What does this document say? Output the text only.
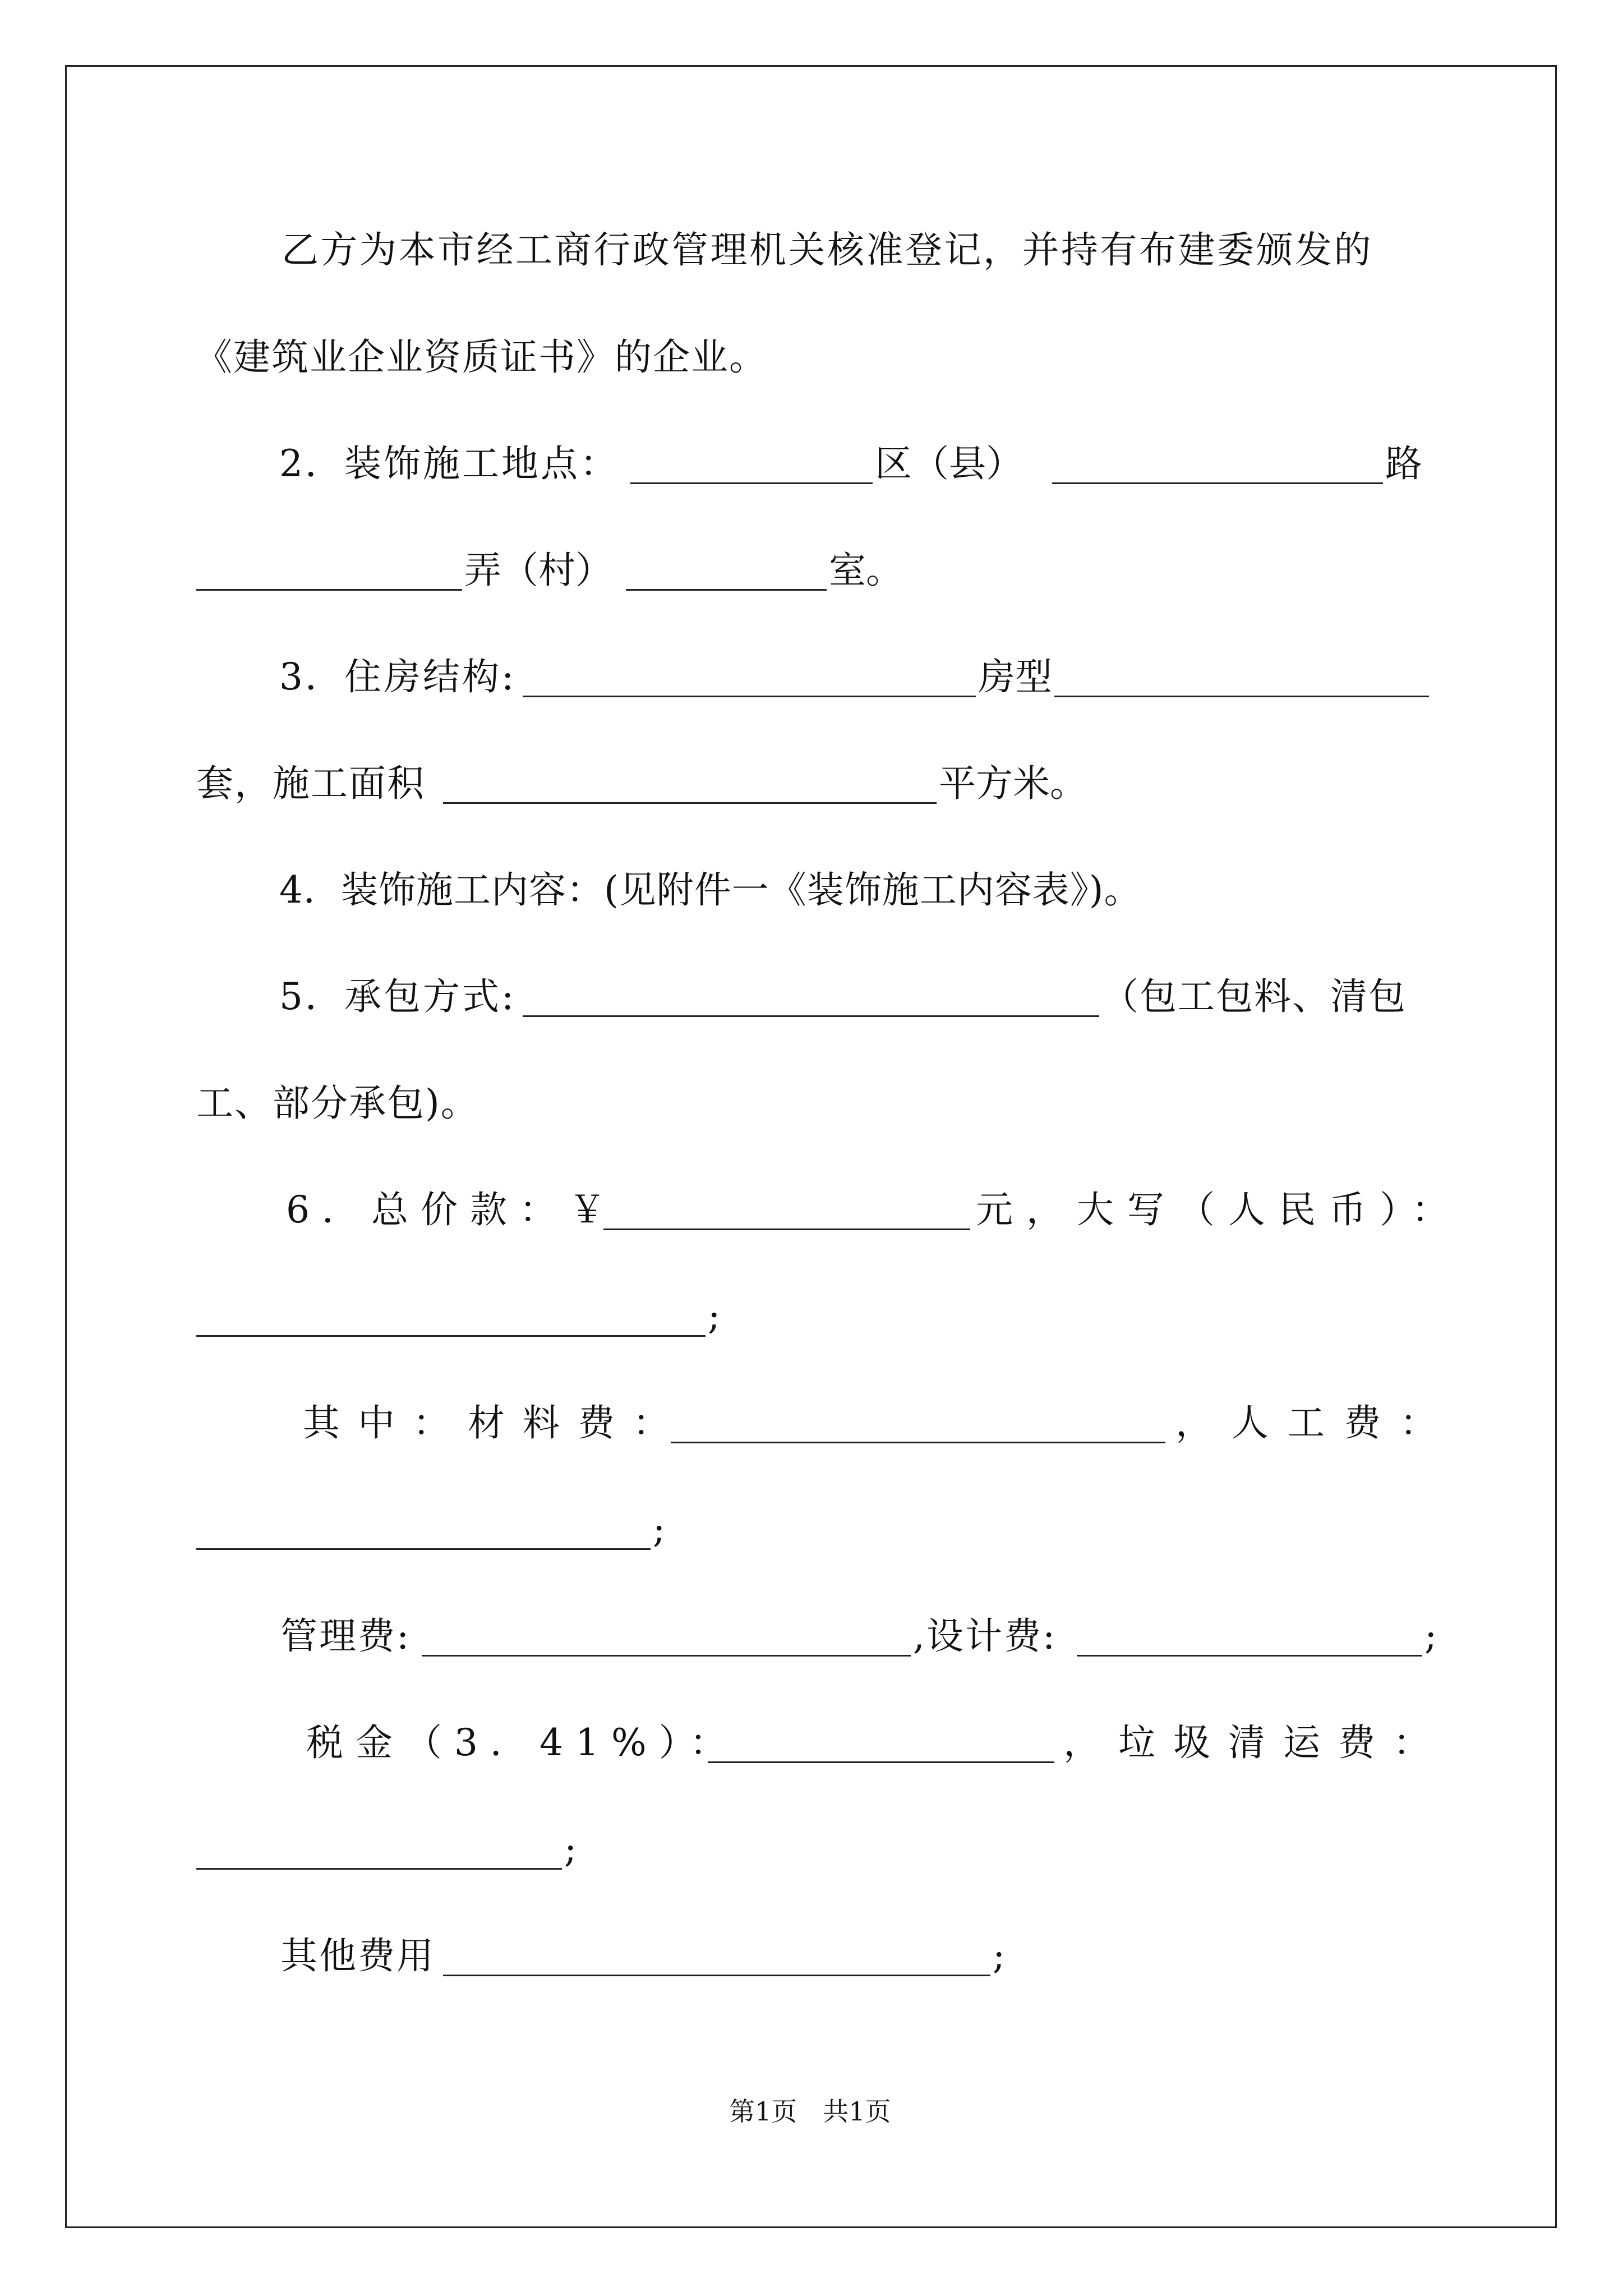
乙方为本市经工商行政管理机关核准登记，并持有布建委颁发的
《建筑业企业资质证书》的企业。
2．装饰施工地点：	区（县）	路
弄（村）	室。
3．住房结构:	房型
套，施工面积	平方米。
4．装饰施工内容：(见附件一《装饰施工内容表》)。
5．承包方式:	（包工包料、清包
工、部分承包)。
6．总价款：￥	元，大写（人民币）：
;
其中：材料费：	，人工费：
;
管理费:	,设计费:	;
税金（3．41%）：	，垃圾清运费：
;
其他费用	;
第1页　共1页
